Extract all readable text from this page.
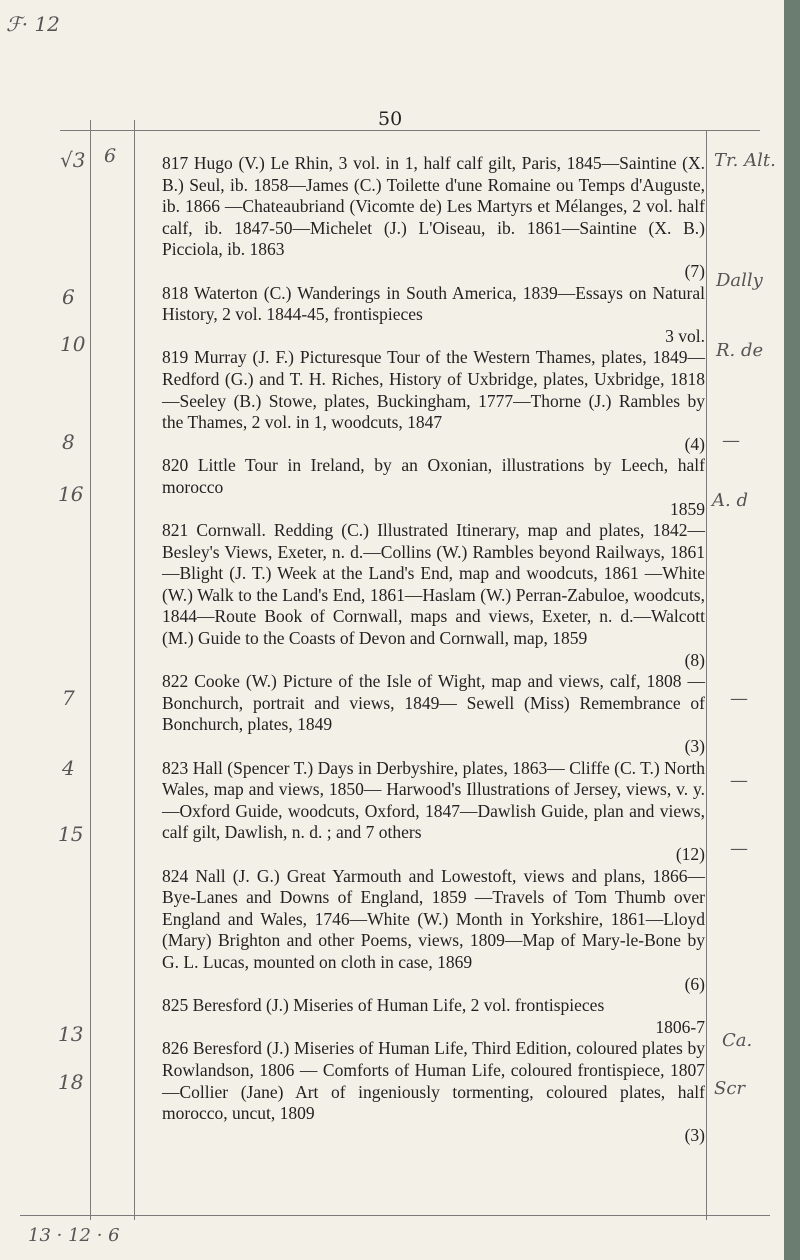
ℱ· 12
50
√3 6
6
10
8
16
7
4
15
13
18
Tr. Alt.
Dally
R. de
—
A. d
—
—
—
Ca.
Scr
817 Hugo (V.) Le Rhin, 3 vol. in 1, half calf gilt, Paris, 1845—Saintine (X. B.) Seul, ib. 1858—James (C.) Toilette d'une Romaine ou Temps d'Auguste, ib. 1866 —Chateaubriand (Vicomte de) Les Martyrs et Mélanges, 2 vol. half calf, ib. 1847-50—Michelet (J.) L'Oiseau, ib. 1861—Saintine (X. B.) Picciola, ib. 1863
(7)
818 Waterton (C.) Wanderings in South America, 1839—Essays on Natural History, 2 vol. 1844-45, frontispieces
3 vol.
819 Murray (J. F.) Picturesque Tour of the Western Thames, plates, 1849—Redford (G.) and T. H. Riches, History of Uxbridge, plates, Uxbridge, 1818—Seeley (B.) Stowe, plates, Buckingham, 1777—Thorne (J.) Rambles by the Thames, 2 vol. in 1, woodcuts, 1847
(4)
820 Little Tour in Ireland, by an Oxonian, illustrations by Leech, half morocco
1859
821 Cornwall. Redding (C.) Illustrated Itinerary, map and plates, 1842—Besley's Views, Exeter, n. d.—Collins (W.) Rambles beyond Railways, 1861—Blight (J. T.) Week at the Land's End, map and woodcuts, 1861 —White (W.) Walk to the Land's End, 1861—Haslam (W.) Perran-Zabuloe, woodcuts, 1844—Route Book of Cornwall, maps and views, Exeter, n. d.—Walcott (M.) Guide to the Coasts of Devon and Cornwall, map, 1859
(8)
822 Cooke (W.) Picture of the Isle of Wight, map and views, calf, 1808 — Bonchurch, portrait and views, 1849— Sewell (Miss) Remembrance of Bonchurch, plates, 1849
(3)
823 Hall (Spencer T.) Days in Derbyshire, plates, 1863— Cliffe (C. T.) North Wales, map and views, 1850— Harwood's Illustrations of Jersey, views, v. y.—Oxford Guide, woodcuts, Oxford, 1847—Dawlish Guide, plan and views, calf gilt, Dawlish, n. d. ; and 7 others
(12)
824 Nall (J. G.) Great Yarmouth and Lowestoft, views and plans, 1866—Bye-Lanes and Downs of England, 1859 —Travels of Tom Thumb over England and Wales, 1746—White (W.) Month in Yorkshire, 1861—Lloyd (Mary) Brighton and other Poems, views, 1809—Map of Mary-le-Bone by G. L. Lucas, mounted on cloth in case, 1869
(6)
825 Beresford (J.) Miseries of Human Life, 2 vol. frontispieces
1806-7
826 Beresford (J.) Miseries of Human Life, Third Edition, coloured plates by Rowlandson, 1806 — Comforts of Human Life, coloured frontispiece, 1807—Collier (Jane) Art of ingeniously tormenting, coloured plates, half morocco, uncut, 1809
(3)
13 · 12 · 6
